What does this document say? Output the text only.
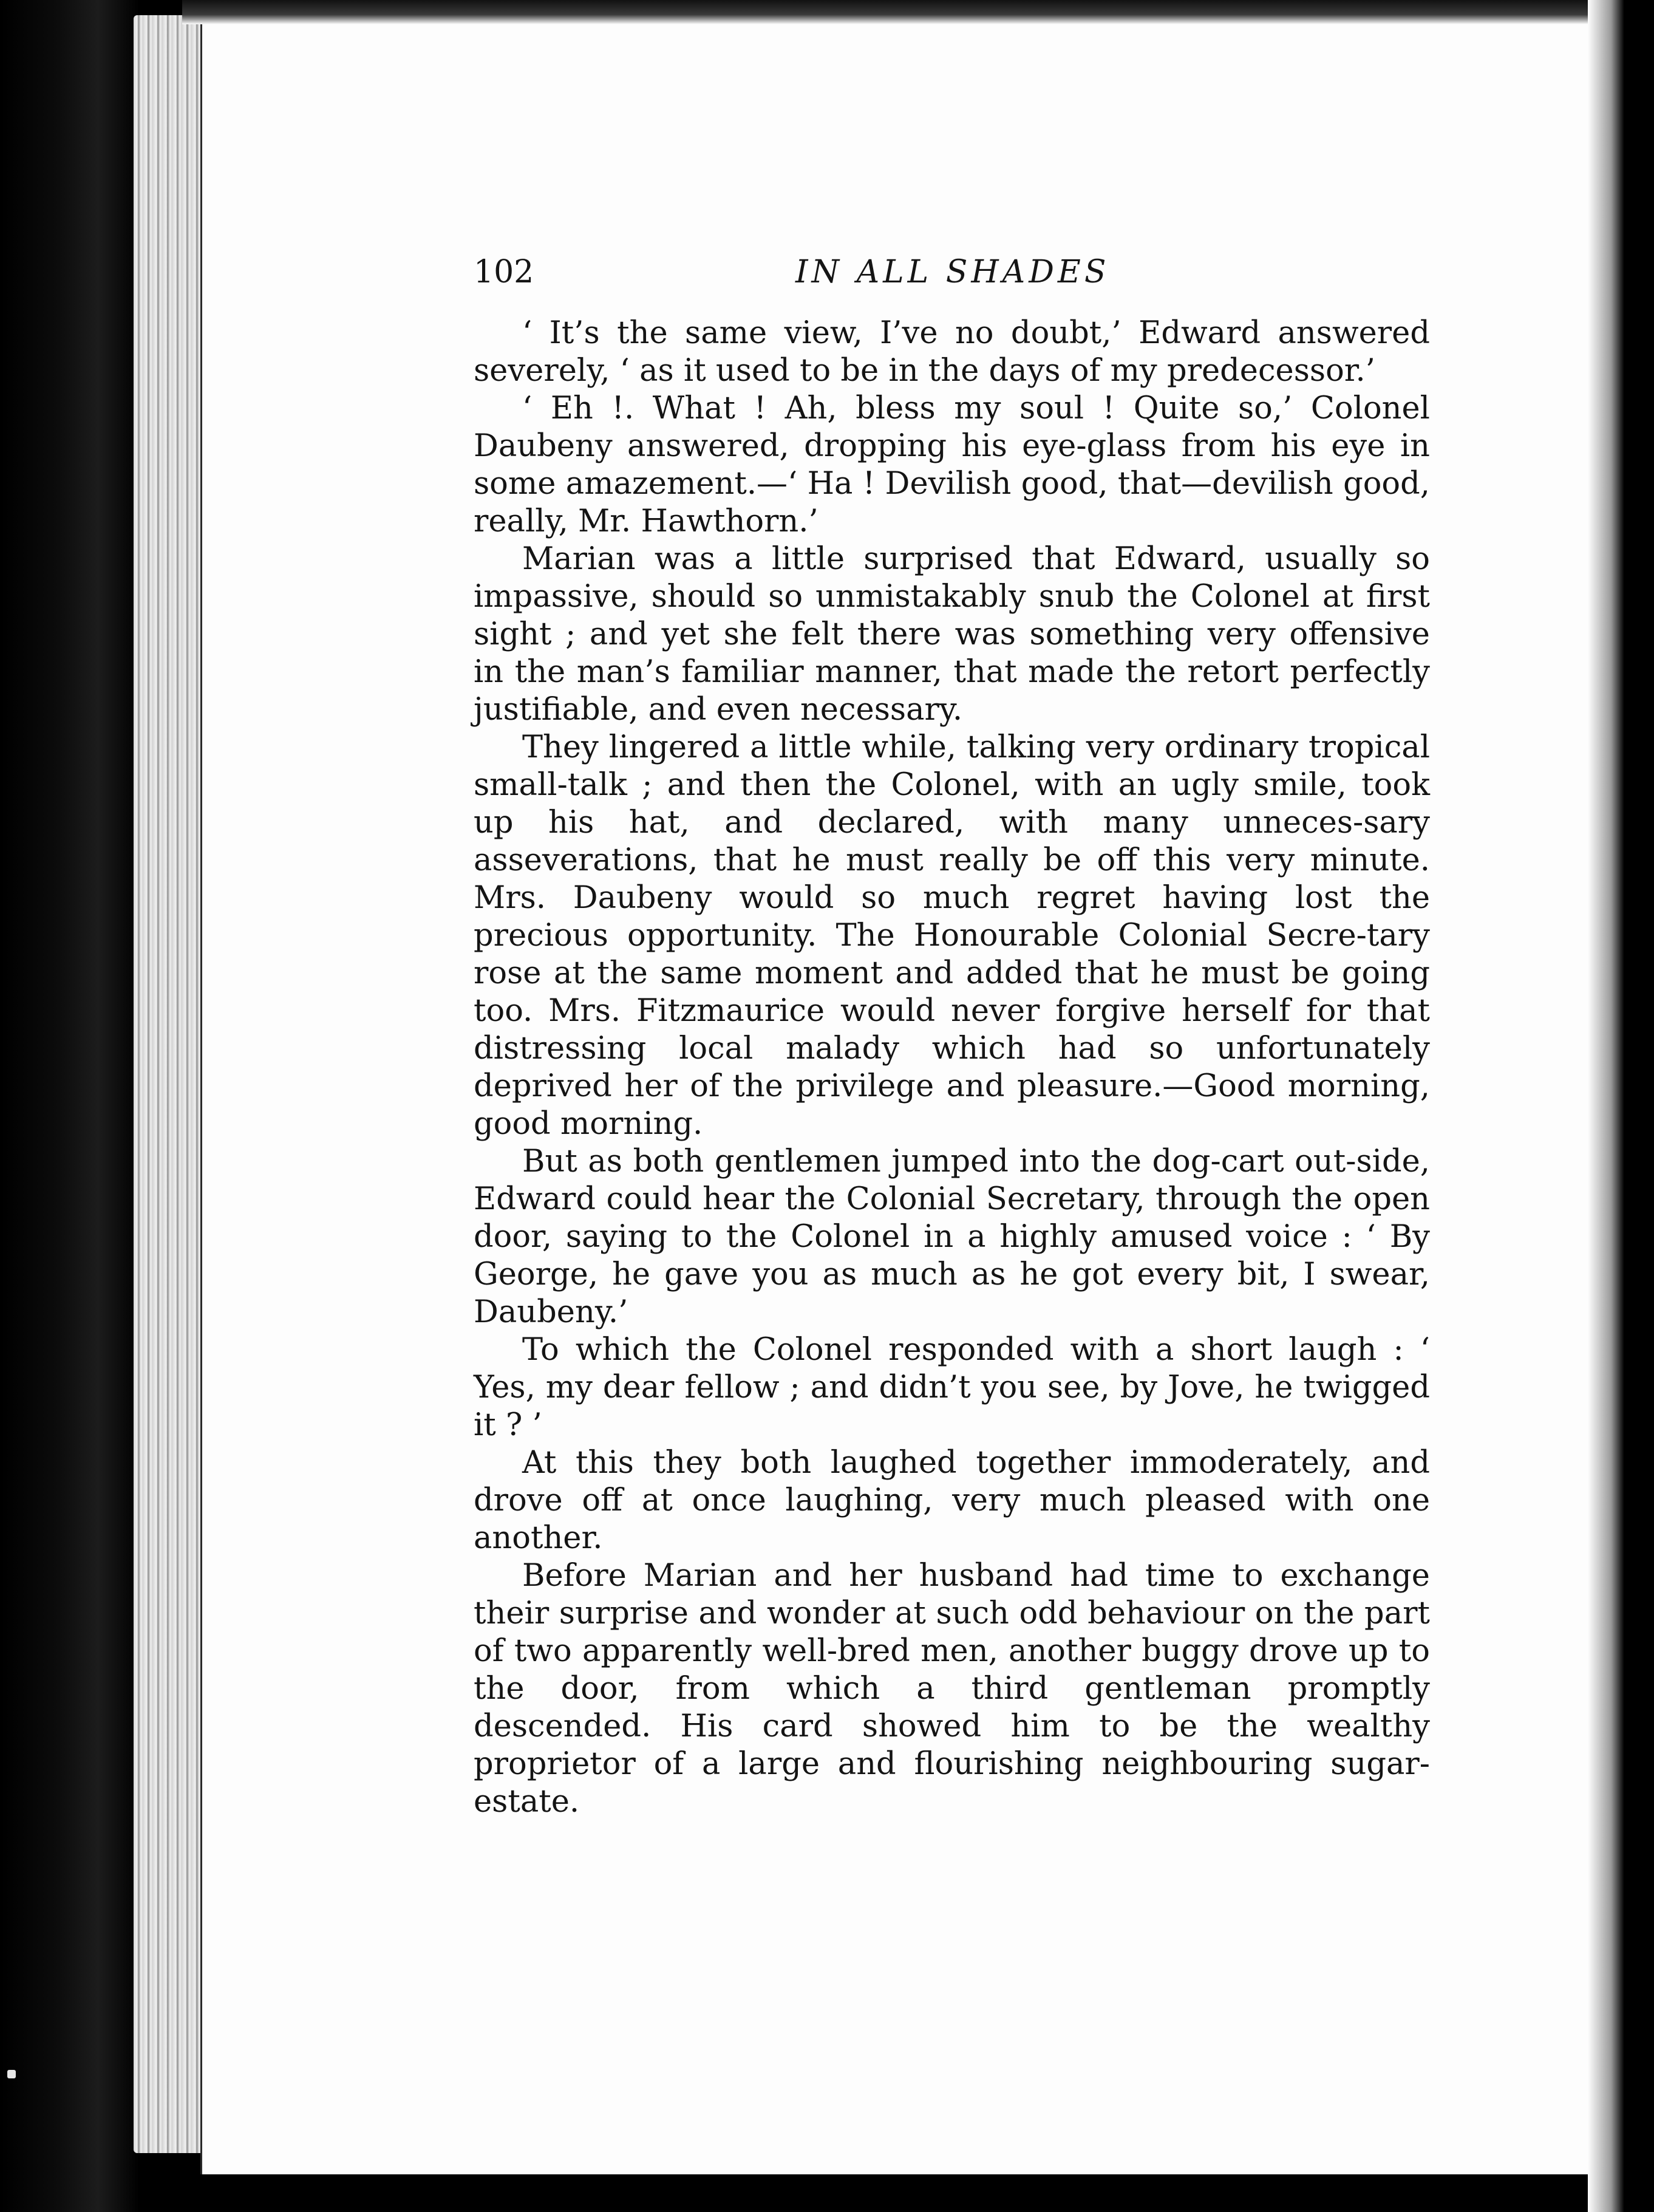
102	IN ALL SHADES

‘ It’s the same view, I’ve no doubt,’ Edward answered severely, ‘ as it used to be in the days of my predecessor.’

‘ Eh !. What ! Ah, bless my soul ! Quite so,’ Colonel Daubeny answered, dropping his eye-glass from his eye in some amazement.—‘ Ha ! Devilish good, that—devilish good, really, Mr. Hawthorn.’

Marian was a little surprised that Edward, usually so impassive, should so unmistakably snub the Colonel at first sight ; and yet she felt there was something very offensive in the man’s familiar manner, that made the retort perfectly justifiable, and even necessary.

They lingered a little while, talking very ordinary tropical small-talk ; and then the Colonel, with an ugly smile, took up his hat, and declared, with many unneces-sary asseverations, that he must really be off this very minute. Mrs. Daubeny would so much regret having lost the precious opportunity. The Honourable Colonial Secre-tary rose at the same moment and added that he must be going too. Mrs. Fitzmaurice would never forgive herself for that distressing local malady which had so unfortunately deprived her of the privilege and pleasure.—Good morning, good morning.

But as both gentlemen jumped into the dog-cart out-side, Edward could hear the Colonial Secretary, through the open door, saying to the Colonel in a highly amused voice : ‘ By George, he gave you as much as he got every bit, I swear, Daubeny.’

To which the Colonel responded with a short laugh : ‘ Yes, my dear fellow ; and didn’t you see, by Jove, he twigged it ? ’

At this they both laughed together immoderately, and drove off at once laughing, very much pleased with one another.

Before Marian and her husband had time to exchange their surprise and wonder at such odd behaviour on the part of two apparently well-bred men, another buggy drove up to the door, from which a third gentleman promptly descended. His card showed him to be the wealthy proprietor of a large and flourishing neighbouring sugar-estate.
